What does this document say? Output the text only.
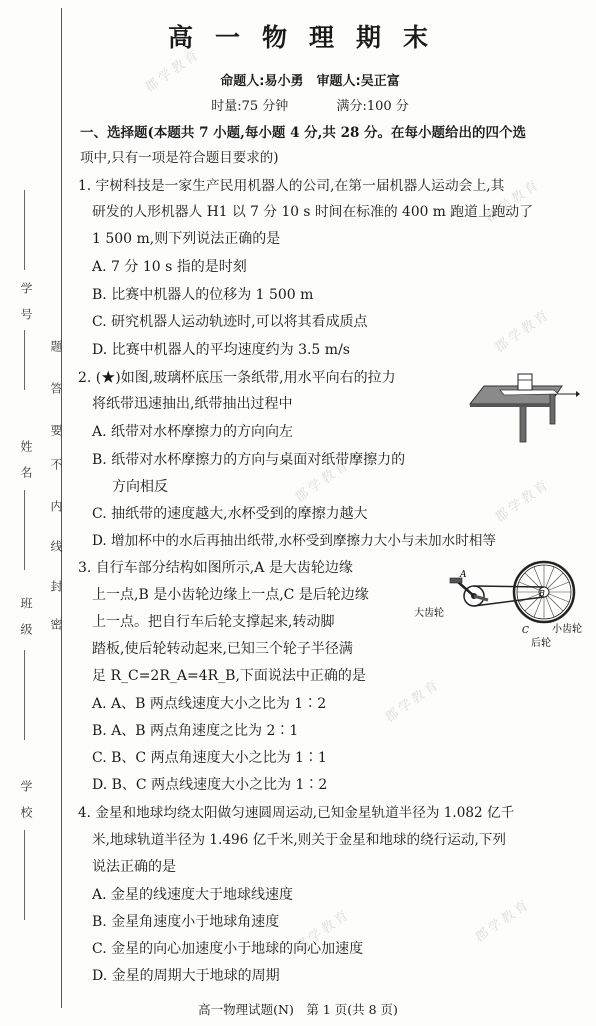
郡学教育
郡学教育
郡学教育
郡学教育
郡学教育
郡学教育
郡学教育	郡学教育
题
答
要
不
内
线
封
密
学号
姓名
班级
学校
高一物理期末
命题人:易小勇　审题人:吴正富
时量:75 分钟	满分:100 分
一、选择题(本题共 7 小题,每小题 4 分,共 28 分。在每小题给出的四个选
项中,只有一项是符合题目要求的)
1. 宇树科技是一家生产民用机器人的公司,在第一届机器人运动会上,其
研发的人形机器人 H1 以 7 分 10 s 时间在标准的 400 m 跑道上跑动了
1 500 m,则下列说法正确的是
A. 7 分 10 s 指的是时刻
B. 比赛中机器人的位移为 1 500 m
C. 研究机器人运动轨迹时,可以将其看成质点
D. 比赛中机器人的平均速度约为 3.5 m/s
2. (★)如图,玻璃杯底压一条纸带,用水平向右的拉力
将纸带迅速抽出,纸带抽出过程中
A. 纸带对水杯摩擦力的方向向左
B. 纸带对水杯摩擦力的方向与桌面对纸带摩擦力的
方向相反
C. 抽纸带的速度越大,水杯受到的摩擦力越大
D. 增加杯中的水后再抽出纸带,水杯受到摩擦力大小与未加水时相等
3. 自行车部分结构如图所示,A 是大齿轮边缘
上一点,B 是小齿轮边缘上一点,C 是后轮边缘
上一点。把自行车后轮支撑起来,转动脚
踏板,使后轮转动起来,已知三个轮子半径满
足 R_C=2R_A=4R_B,下面说法中正确的是
A. A、B 两点线速度大小之比为 1∶2
B. A、B 两点角速度之比为 2∶1
C. B、C 两点角速度大小之比为 1∶1
D. B、C 两点线速度大小之比为 1∶2
A
B
C
大齿轮
小齿轮
后轮
4. 金星和地球均绕太阳做匀速圆周运动,已知金星轨道半径为 1.082 亿千
米,地球轨道半径为 1.496 亿千米,则关于金星和地球的绕行运动,下列
说法正确的是
A. 金星的线速度大于地球线速度
B. 金星角速度小于地球角速度
C. 金星的向心加速度小于地球的向心加速度
D. 金星的周期大于地球的周期
高一物理试题(N)　第 1 页(共 8 页)
